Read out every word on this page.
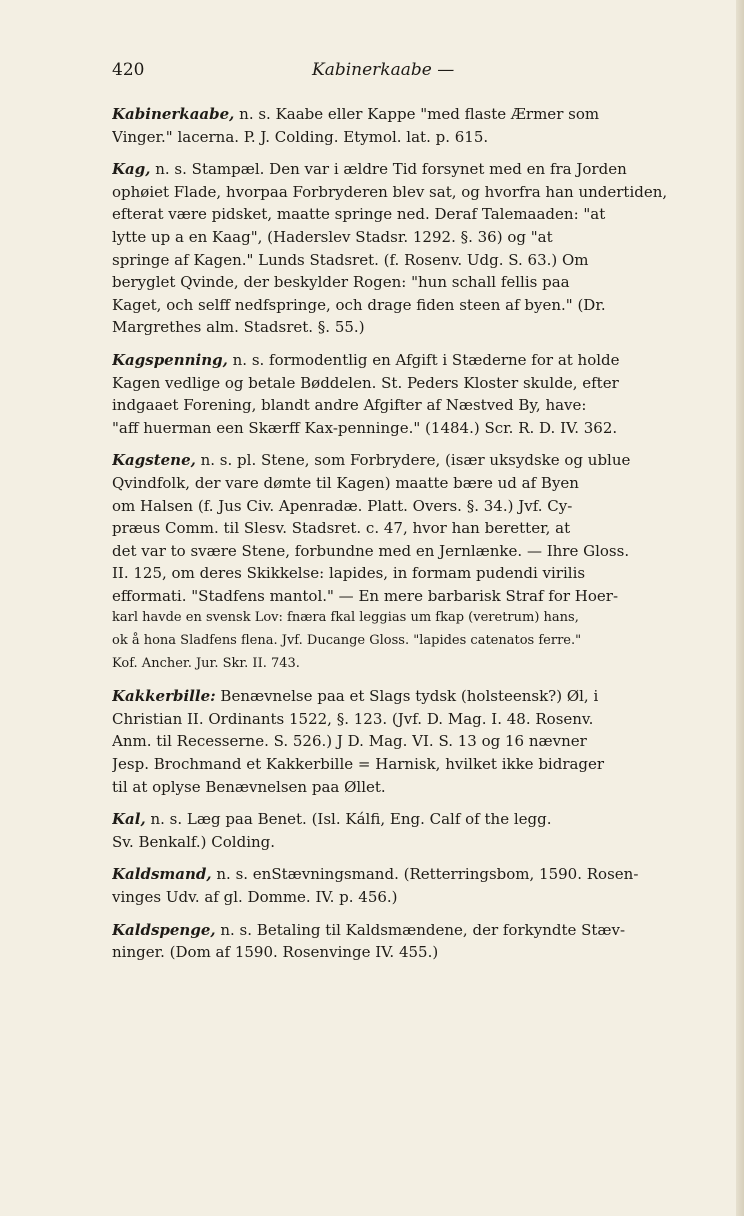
420	Kabinerkaabe —
Kabinerkaabe, n. s. Kaabe eller Kappe "med flaste Ærmer som
Vinger." lacerna. P. J. Colding. Etymol. lat. p. 615.
Kag, n. s. Stampæl. Den var i ældre Tid forsynet med en fra Jorden
ophøiet Flade, hvorpaa Forbryderen blev sat, og hvorfra han undertiden,
efterat være pidsket, maatte springe ned. Deraf Talemaaden: "at
lytte up a en Kaag", (Haderslev Stadsr. 1292. §. 36) og "at
springe af Kagen." Lunds Stadsret. (f. Rosenv. Udg. S. 63.) Om
beryglet Qvinde, der beskylder Rogen: "hun schall fellis paa
Kaget, och selff nedfspringe, och drage fiden steen af byen." (Dr.
Margrethes alm. Stadsret. §. 55.)
Kagspenning, n. s. formodentlig en Afgift i Stæderne for at holde
Kagen vedlige og betale Bøddelen. St. Peders Kloster skulde, efter
indgaaet Forening, blandt andre Afgifter af Næstved By, have:
"aff huerman een Skærff Kax-penninge." (1484.) Scr. R. D. IV. 362.
Kagstene, n. s. pl. Stene, som Forbrydere, (især uksydske og ublue
Qvindfolk, der vare dømte til Kagen) maatte bære ud af Byen
om Halsen (f. Jus Civ. Apenradæ. Platt. Overs. §. 34.) Jvf. Cy-
præus Comm. til Slesv. Stadsret. c. 47, hvor han beretter, at
det var to svære Stene, forbundne med en Jernlænke. — Ihre Gloss.
II. 125, om deres Skikkelse: lapides, in formam pudendi virilis
efformati. "Stadfens mantol." — En mere barbarisk Straf for Hoer-
karl havde en svensk Lov: fnæra fkal leggias um fkap (veretrum) hans,
ok å hona Sladfens flena. Jvf. Ducange Gloss. "lapides catenatos ferre."
Kof. Ancher. Jur. Skr. II. 743.
Kakkerbille: Benævnelse paa et Slags tydsk (holsteensk?) Øl, i
Christian II. Ordinants 1522, §. 123. (Jvf. D. Mag. I. 48. Rosenv.
Anm. til Recesserne. S. 526.) J D. Mag. VI. S. 13 og 16 nævner
Jesp. Brochmand et Kakkerbille = Harnisk, hvilket ikke bidrager
til at oplyse Benævnelsen paa Øllet.
Kal, n. s. Læg paa Benet. (Isl. Kálfi, Eng. Calf of the legg.
Sv. Benkalf.) Colding.
Kaldsmand, n. s. enStævningsmand. (Retterringsbom, 1590. Rosen-
vinges Udv. af gl. Domme. IV. p. 456.)
Kaldspenge, n. s. Betaling til Kaldsmændene, der forkyndte Stæv-
ninger. (Dom af 1590. Rosenvinge IV. 455.)
